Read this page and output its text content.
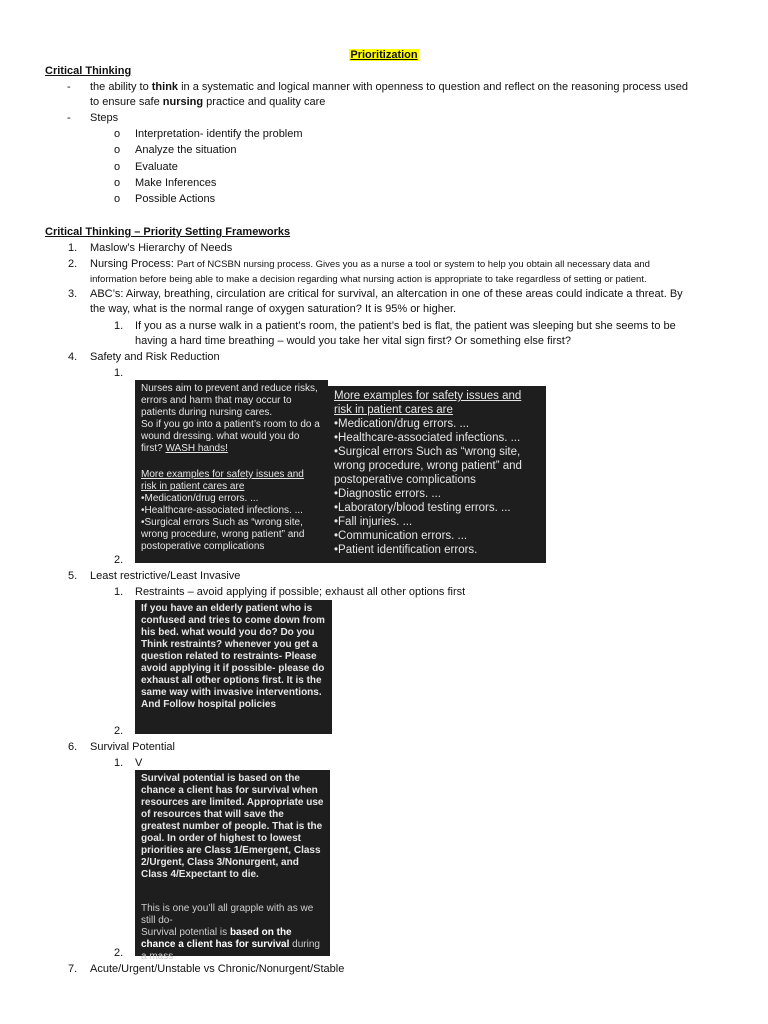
Prioritization
Critical Thinking
- the ability to think in a systematic and logical manner with openness to question and reflect on the reasoning process used
to ensure safe nursing practice and quality care
- Steps
o Interpretation- identify the problem
o Analyze the situation
o Evaluate
o Make Inferences
o Possible Actions
Critical Thinking – Priority Setting Frameworks
1. Maslow’s Hierarchy of Needs
2. Nursing Process: Part of NCSBN nursing process. Gives you as a nurse a tool or system to help you obtain all necessary data and
information before being able to make a decision regarding what nursing action is appropriate to take regardless of setting or patient.
3. ABC’s: Airway, breathing, circulation are critical for survival, an altercation in one of these areas could indicate a threat. By
the way, what is the normal range of oxygen saturation? It is 95% or higher.
1. If you as a nurse walk in a patient’s room, the patient’s bed is flat, the patient was sleeping but she seems to be
having a hard time breathing – would you take her vital sign first? Or something else first?
4. Safety and Risk Reduction
1.
Nurses aim to prevent and reduce risks, errors and harm that may occur to patients during nursing cares.
So if you go into a patient’s room to do a wound dressing. what would you do first? WASH hands!
More examples for safety issues and risk in patient cares are
•Medication/drug errors. ...
•Healthcare-associated infections. ...
•Surgical errors Such as “wrong site, wrong procedure, wrong patient” and postoperative complications
More examples for safety issues and risk in patient cares are
•Medication/drug errors. ...
•Healthcare-associated infections. ...
•Surgical errors Such as “wrong site, wrong procedure, wrong patient” and postoperative complications
•Diagnostic errors. ...
•Laboratory/blood testing errors. ...
•Fall injuries. ...
•Communication errors. ...
•Patient identification errors.
2.
5. Least restrictive/Least Invasive
1. Restraints – avoid applying if possible; exhaust all other options first
If you have an elderly patient who is confused and tries to come down from his bed. what would you do? Do you Think restraints? whenever you get a question related to restraints- Please avoid applying it if possible- please do exhaust all other options first. It is the same way with invasive interventions. And Follow hospital policies
2.
6. Survival Potential
1. V
Survival potential is based on the chance a client has for survival when resources are limited. Appropriate use of resources that will save the greatest number of people. That is the goal. In order of highest to lowest priorities are Class 1/Emergent, Class 2/Urgent, Class 3/Nonurgent, and Class 4/Expectant to die.
This is one you’ll all grapple with as we still do-
Survival potential is based on the chance a client has for survival during a mass
2.
7. Acute/Urgent/Unstable vs Chronic/Nonurgent/Stable
